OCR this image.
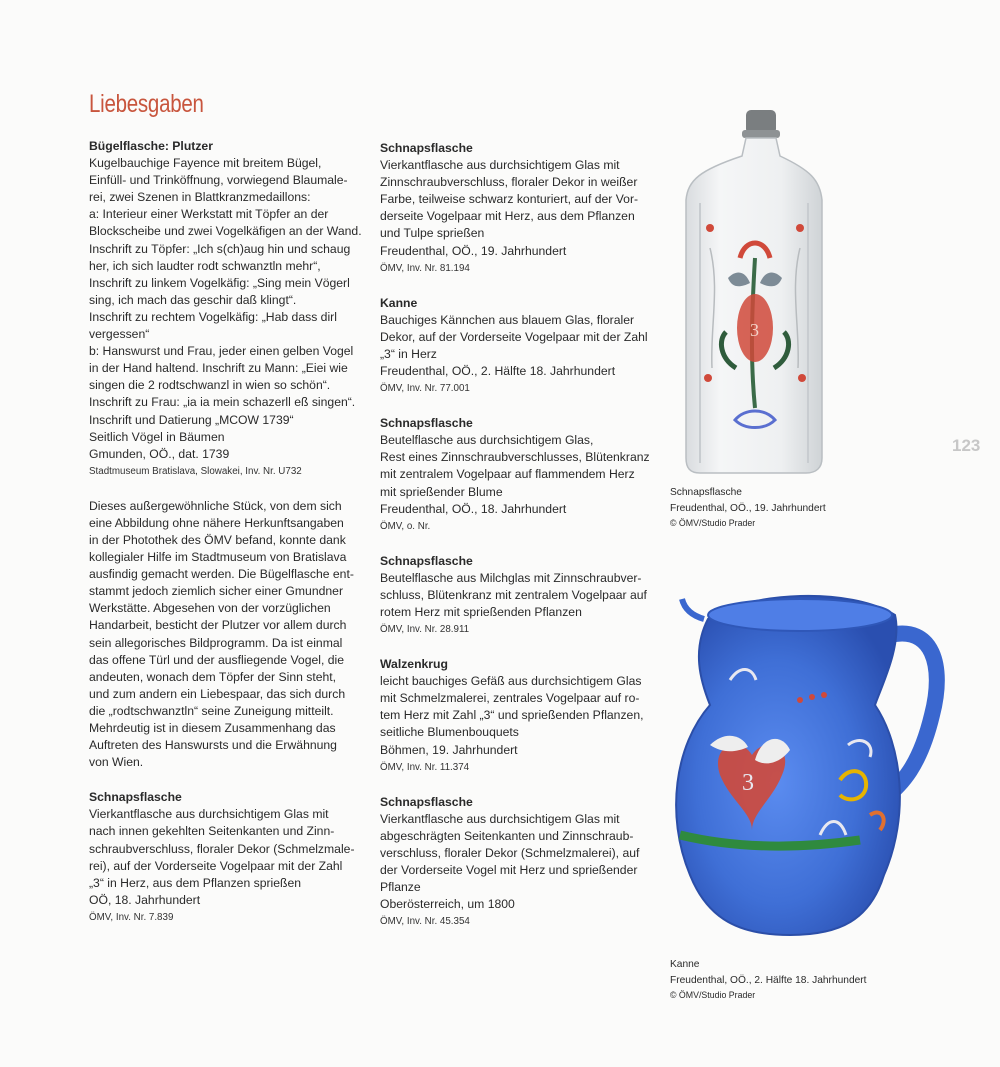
Liebesgaben
Bügelflasche: Plutzer
Kugelbauchige Fayence mit breitem Bügel,
Einfüll- und Trinköffnung, vorwiegend Blaumale-
rei, zwei Szenen in Blattkranzmedaillons:
a: Interieur einer Werkstatt mit Töpfer an der
Blockscheibe und zwei Vogelkäfigen an der Wand.
Inschrift zu Töpfer: „Ich s(ch)aug hin und schaug
her, ich sich laudter rodt schwanztln mehr“,
Inschrift zu linkem Vogelkäfig: „Sing mein Vögerl
sing, ich mach das geschir daß klingt“.
Inschrift zu rechtem Vogelkäfig: „Hab dass dirl
vergessen“
b: Hanswurst und Frau, jeder einen gelben Vogel
in der Hand haltend. Inschrift zu Mann: „Eiei wie
singen die 2 rodtschwanzl in wien so schön“.
Inschrift zu Frau: „ia ia mein schazerll eß singen“.
Inschrift und Datierung „MCOW 1739“
Seitlich Vögel in Bäumen
Gmunden, OÖ., dat. 1739
Stadtmuseum Bratislava, Slowakei, Inv. Nr. U732
Dieses außergewöhnliche Stück, von dem sich
eine Abbildung ohne nähere Herkunftsangaben
in der Photothek des ÖMV befand, konnte dank
kollegialer Hilfe im Stadtmuseum von Bratislava
ausfindig gemacht werden. Die Bügelflasche ent-
stammt jedoch ziemlich sicher einer Gmundner
Werkstätte. Abgesehen von der vorzüglichen
Handarbeit, besticht der Plutzer vor allem durch
sein allegorisches Bildprogramm. Da ist einmal
das offene Türl und der ausfliegende Vogel, die
andeuten, wonach dem Töpfer der Sinn steht,
und zum andern ein Liebespaar, das sich durch
die „rodtschwanztln“ seine Zuneigung mitteilt.
Mehrdeutig ist in diesem Zusammenhang das
Auftreten des Hanswursts und die Erwähnung
von Wien.
Schnapsflasche
Vierkantflasche aus durchsichtigem Glas mit
nach innen gekehlten Seitenkanten und Zinn-
schraubverschluss, floraler Dekor (Schmelzmale-
rei), auf der Vorderseite Vogelpaar mit der Zahl
„3“ in Herz, aus dem Pflanzen sprießen
OÖ, 18. Jahrhundert
ÖMV, Inv. Nr. 7.839
Schnapsflasche
Vierkantflasche aus durchsichtigem Glas mit
Zinnschraubverschluss, floraler Dekor in weißer
Farbe, teilweise schwarz konturiert, auf der Vor-
derseite Vogelpaar mit Herz, aus dem Pflanzen
und Tulpe sprießen
Freudenthal, OÖ., 19. Jahrhundert
ÖMV, Inv. Nr. 81.194
Kanne
Bauchiges Kännchen aus blauem Glas, floraler
Dekor, auf der Vorderseite Vogelpaar mit der Zahl
„3“ in Herz
Freudenthal, OÖ., 2. Hälfte 18. Jahrhundert
ÖMV, Inv. Nr. 77.001
Schnapsflasche
Beutelflasche aus durchsichtigem Glas,
Rest eines Zinnschraubverschlusses, Blütenkranz
mit zentralem Vogelpaar auf flammendem Herz
mit sprießender Blume
Freudenthal, OÖ., 18. Jahrhundert
ÖMV, o. Nr.
Schnapsflasche
Beutelflasche aus Milchglas mit Zinnschraubver-
schluss, Blütenkranz mit zentralem Vogelpaar auf
rotem Herz mit sprießenden Pflanzen
ÖMV, Inv. Nr. 28.911
Walzenkrug
leicht bauchiges Gefäß aus durchsichtigem Glas
mit Schmelzmalerei, zentrales Vogelpaar auf ro-
tem Herz mit Zahl „3“ und sprießenden Pflanzen,
seitliche Blumenbouquets
Böhmen, 19. Jahrhundert
ÖMV, Inv. Nr. 11.374
Schnapsflasche
Vierkantflasche aus durchsichtigem Glas mit
abgeschrägten Seitenkanten und Zinnschraub-
verschluss, floraler Dekor (Schmelzmalerei), auf
der Vorderseite Vogel mit Herz und sprießender
Pflanze
Oberösterreich, um 1800
ÖMV, Inv. Nr. 45.354
3
123
Schnapsflasche
Freudenthal, OÖ., 19. Jahrhundert
© ÖMV/Studio Prader
3
Kanne
Freudenthal, OÖ., 2. Hälfte 18. Jahrhundert
© ÖMV/Studio Prader
